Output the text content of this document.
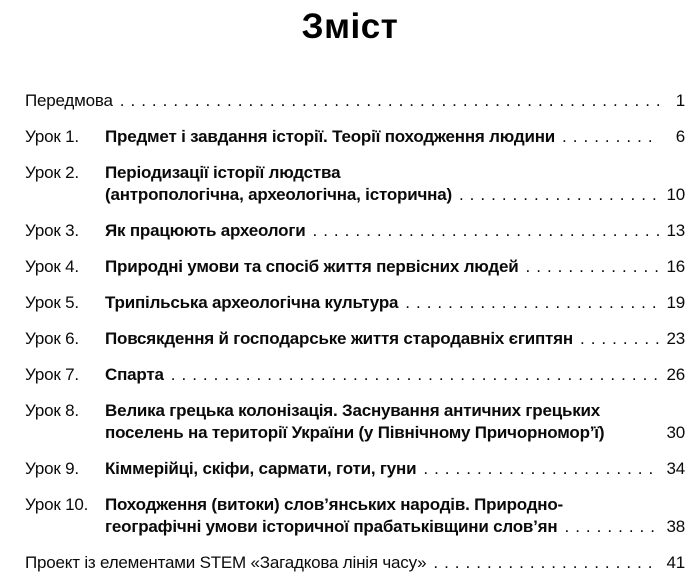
Зміст
Передмова .....	1
Урок 1.	Предмет і завдання історії. Теорії походження людини .....	6
Урок 2.	Періодизації історії людства
(антропологічна, археологічна, історична) .....	10
Урок 3.	Як працюють археологи .....	13
Урок 4.	Природні умови та спосіб життя первісних людей .....	16
Урок 5.	Трипільська археологічна культура .....	19
Урок 6.	Повсякдення й господарське життя стародавніх єгиптян .....	23
Урок 7.	Спарта .....	26
Урок 8.	Велика грецька колонізація. Заснування античних грецьких
поселень на території України (у Північному Причорномор’ї)	30
Урок 9.	Кіммерійці, скіфи, сармати, готи, гуни .....	34
Урок 10. Походження (витоки) слов’янських народів. Природно-
географічні умови історичної прабатьківщини слов’ян .....	38
Проект із елементами STEM «Загадкова лінія часу» .....	41
